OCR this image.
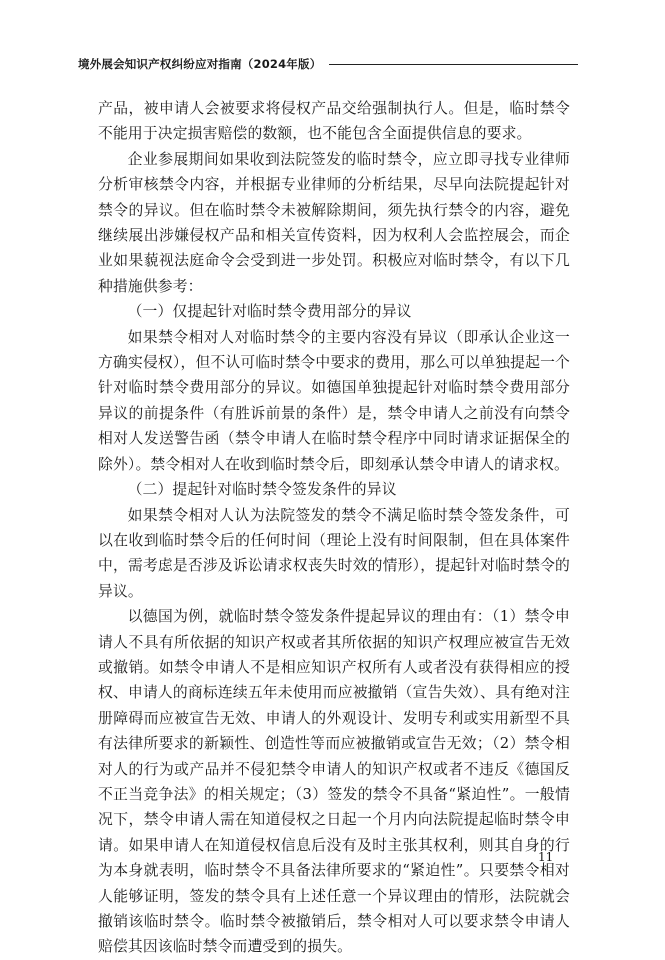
境外展会知识产权纠纷应对指南（2024年版）

产品，被申请人会被要求将侵权产品交给强制执行人。但是，临时禁令不能用于决定损害赔偿的数额，也不能包含全面提供信息的要求。

企业参展期间如果收到法院签发的临时禁令，应立即寻找专业律师分析审核禁令内容，并根据专业律师的分析结果，尽早向法院提起针对禁令的异议。但在临时禁令未被解除期间，须先执行禁令的内容，避免继续展出涉嫌侵权产品和相关宣传资料，因为权利人会监控展会，而企业如果藐视法庭命令会受到进一步处罚。积极应对临时禁令，有以下几种措施供参考：

（一）仅提起针对临时禁令费用部分的异议

如果禁令相对人对临时禁令的主要内容没有异议（即承认企业这一方确实侵权），但不认可临时禁令中要求的费用，那么可以单独提起一个针对临时禁令费用部分的异议。如德国单独提起针对临时禁令费用部分异议的前提条件（有胜诉前景的条件）是，禁令申请人之前没有向禁令相对人发送警告函（禁令申请人在临时禁令程序中同时请求证据保全的除外）。禁令相对人在收到临时禁令后，即刻承认禁令申请人的请求权。

（二）提起针对临时禁令签发条件的异议

如果禁令相对人认为法院签发的禁令不满足临时禁令签发条件，可以在收到临时禁令后的任何时间（理论上没有时间限制，但在具体案件中，需考虑是否涉及诉讼请求权丧失时效的情形），提起针对临时禁令的异议。

以德国为例，就临时禁令签发条件提起异议的理由有：（1）禁令申请人不具有所依据的知识产权或者其所依据的知识产权理应被宣告无效或撤销。如禁令申请人不是相应知识产权所有人或者没有获得相应的授权、申请人的商标连续五年未使用而应被撤销（宣告失效）、具有绝对注册障碍而应被宣告无效、申请人的外观设计、发明专利或实用新型不具有法律所要求的新颖性、创造性等而应被撤销或宣告无效；（2）禁令相对人的行为或产品并不侵犯禁令申请人的知识产权或者不违反《德国反不正当竞争法》的相关规定；（3）签发的禁令不具备“紧迫性”。一般情况下，禁令申请人需在知道侵权之日起一个月内向法院提起临时禁令申请。如果申请人在知道侵权信息后没有及时主张其权利，则其自身的行为本身就表明，临时禁令不具备法律所要求的“紧迫性”。只要禁令相对人能够证明，签发的禁令具有上述任意一个异议理由的情形，法院就会撤销该临时禁令。临时禁令被撤销后，禁令相对人可以要求禁令申请人赔偿其因该临时禁令而遭受到的损失。

11
